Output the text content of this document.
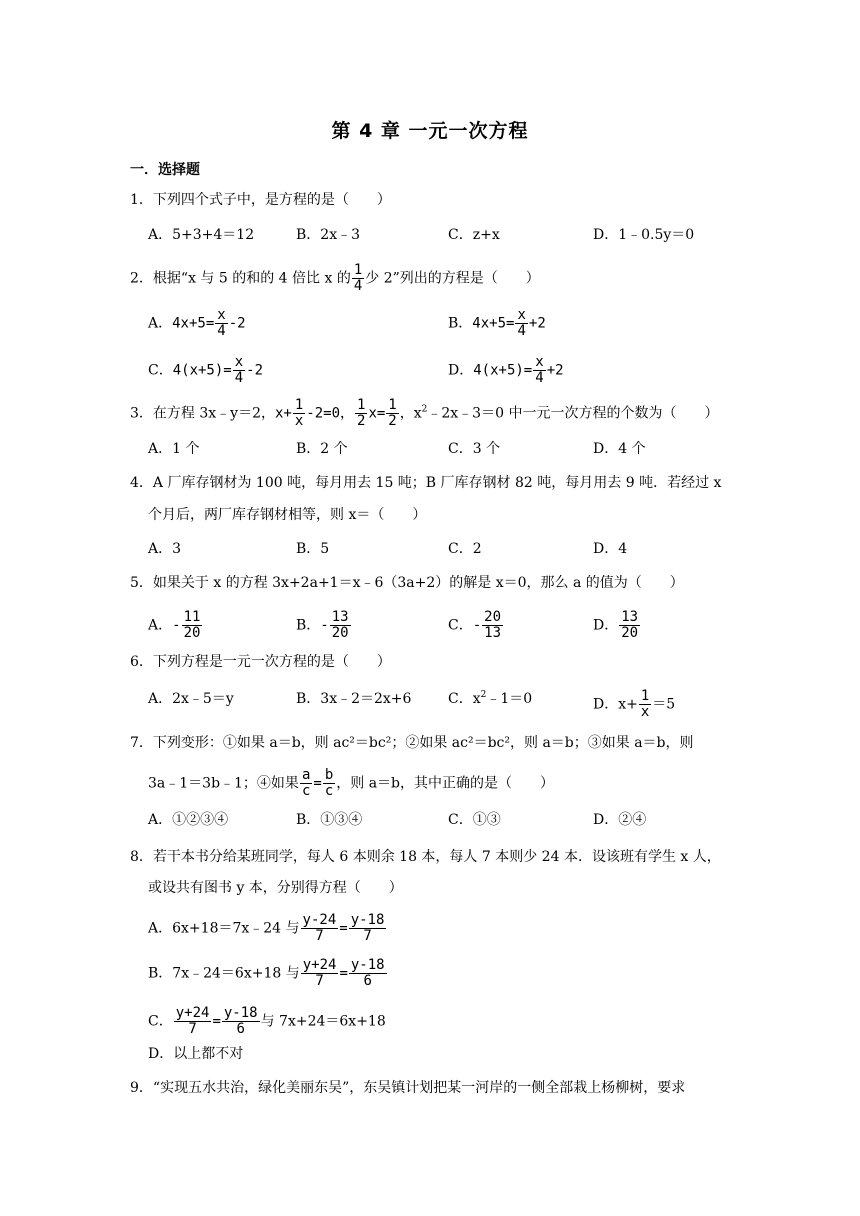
第 4 章 一元一次方程
一．选择题
1．下列四个式子中，是方程的是（　　）
A．5+3+4＝12	B．2x﹣3	C．z+x	D．1﹣0.5y＝0
2．根据“x 与 5 的和的 4 倍比 x 的 $\frac{1}{4}$ 少 2”列出的方程是（　　）
A．$4x+5= \frac{x}{4} -2$	B．$4x+5= \frac{x}{4} +2$
C．$4(x+5)= \frac{x}{4} -2$	D．$4(x+5)= \frac{x}{4} +2$
3．在方程 3x﹣y＝2，$x+ \frac{1}{x} -2=0$， $\frac{1}{2} x= \frac{1}{2}$ ，$x^2﹣2x﹣3=0$ 中一元一次方程的个数为（　　）
A．1 个	B．2 个	C．3 个	D．4 个
4．A 厂库存钢材为 100 吨，每月用去 15 吨；B 厂库存钢材 82 吨，每月用去 9 吨．若经过 x
个月后，两厂库存钢材相等，则 x＝（　　）
A．3	B．5	C．2	D．4
5．如果关于 x 的方程 3x+2a+1＝x﹣6（3a+2）的解是 x＝0，那么 a 的值为（　　）
A．- $\frac{11}{20}$	B．- $\frac{13}{20}$	C．- $\frac{20}{13}$	D． $\frac{13}{20}$
6．下列方程是一元一次方程的是（　　）
A．2x﹣5＝y	B．3x﹣2＝2x+6	C．$x^2﹣1=0$	D．$x+ \frac{1}{x} =5$
7．下列变形：①如果 a＝b，则 ac²＝bc²；②如果 ac²＝bc²，则 a＝b；③如果 a＝b，则
3a﹣1＝3b﹣1；④如果 $\frac{a}{c} = \frac{b}{c}$ ，则 a＝b，其中正确的是（　　）
A．①②③④	B．①③④	C．①③	D．②④
8．若干本书分给某班同学，每人 6 本则余 18 本，每人 7 本则少 24 本．设该班有学生 x 人，
或设共有图书 y 本，分别得方程（　　）
A．6x+18＝7x﹣24 与 $\frac{y-24}{7} = \frac{y-18}{7}$
B．7x﹣24＝6x+18 与 $\frac{y+24}{7} = \frac{y-18}{6}$
C． $\frac{y+24}{7} = \frac{y-18}{6}$ 与 7x+24＝6x+18
D．以上都不对
9．“实现五水共治，绿化美丽东吴”，东吴镇计划把某一河岸的一侧全部栽上杨柳树，要求
